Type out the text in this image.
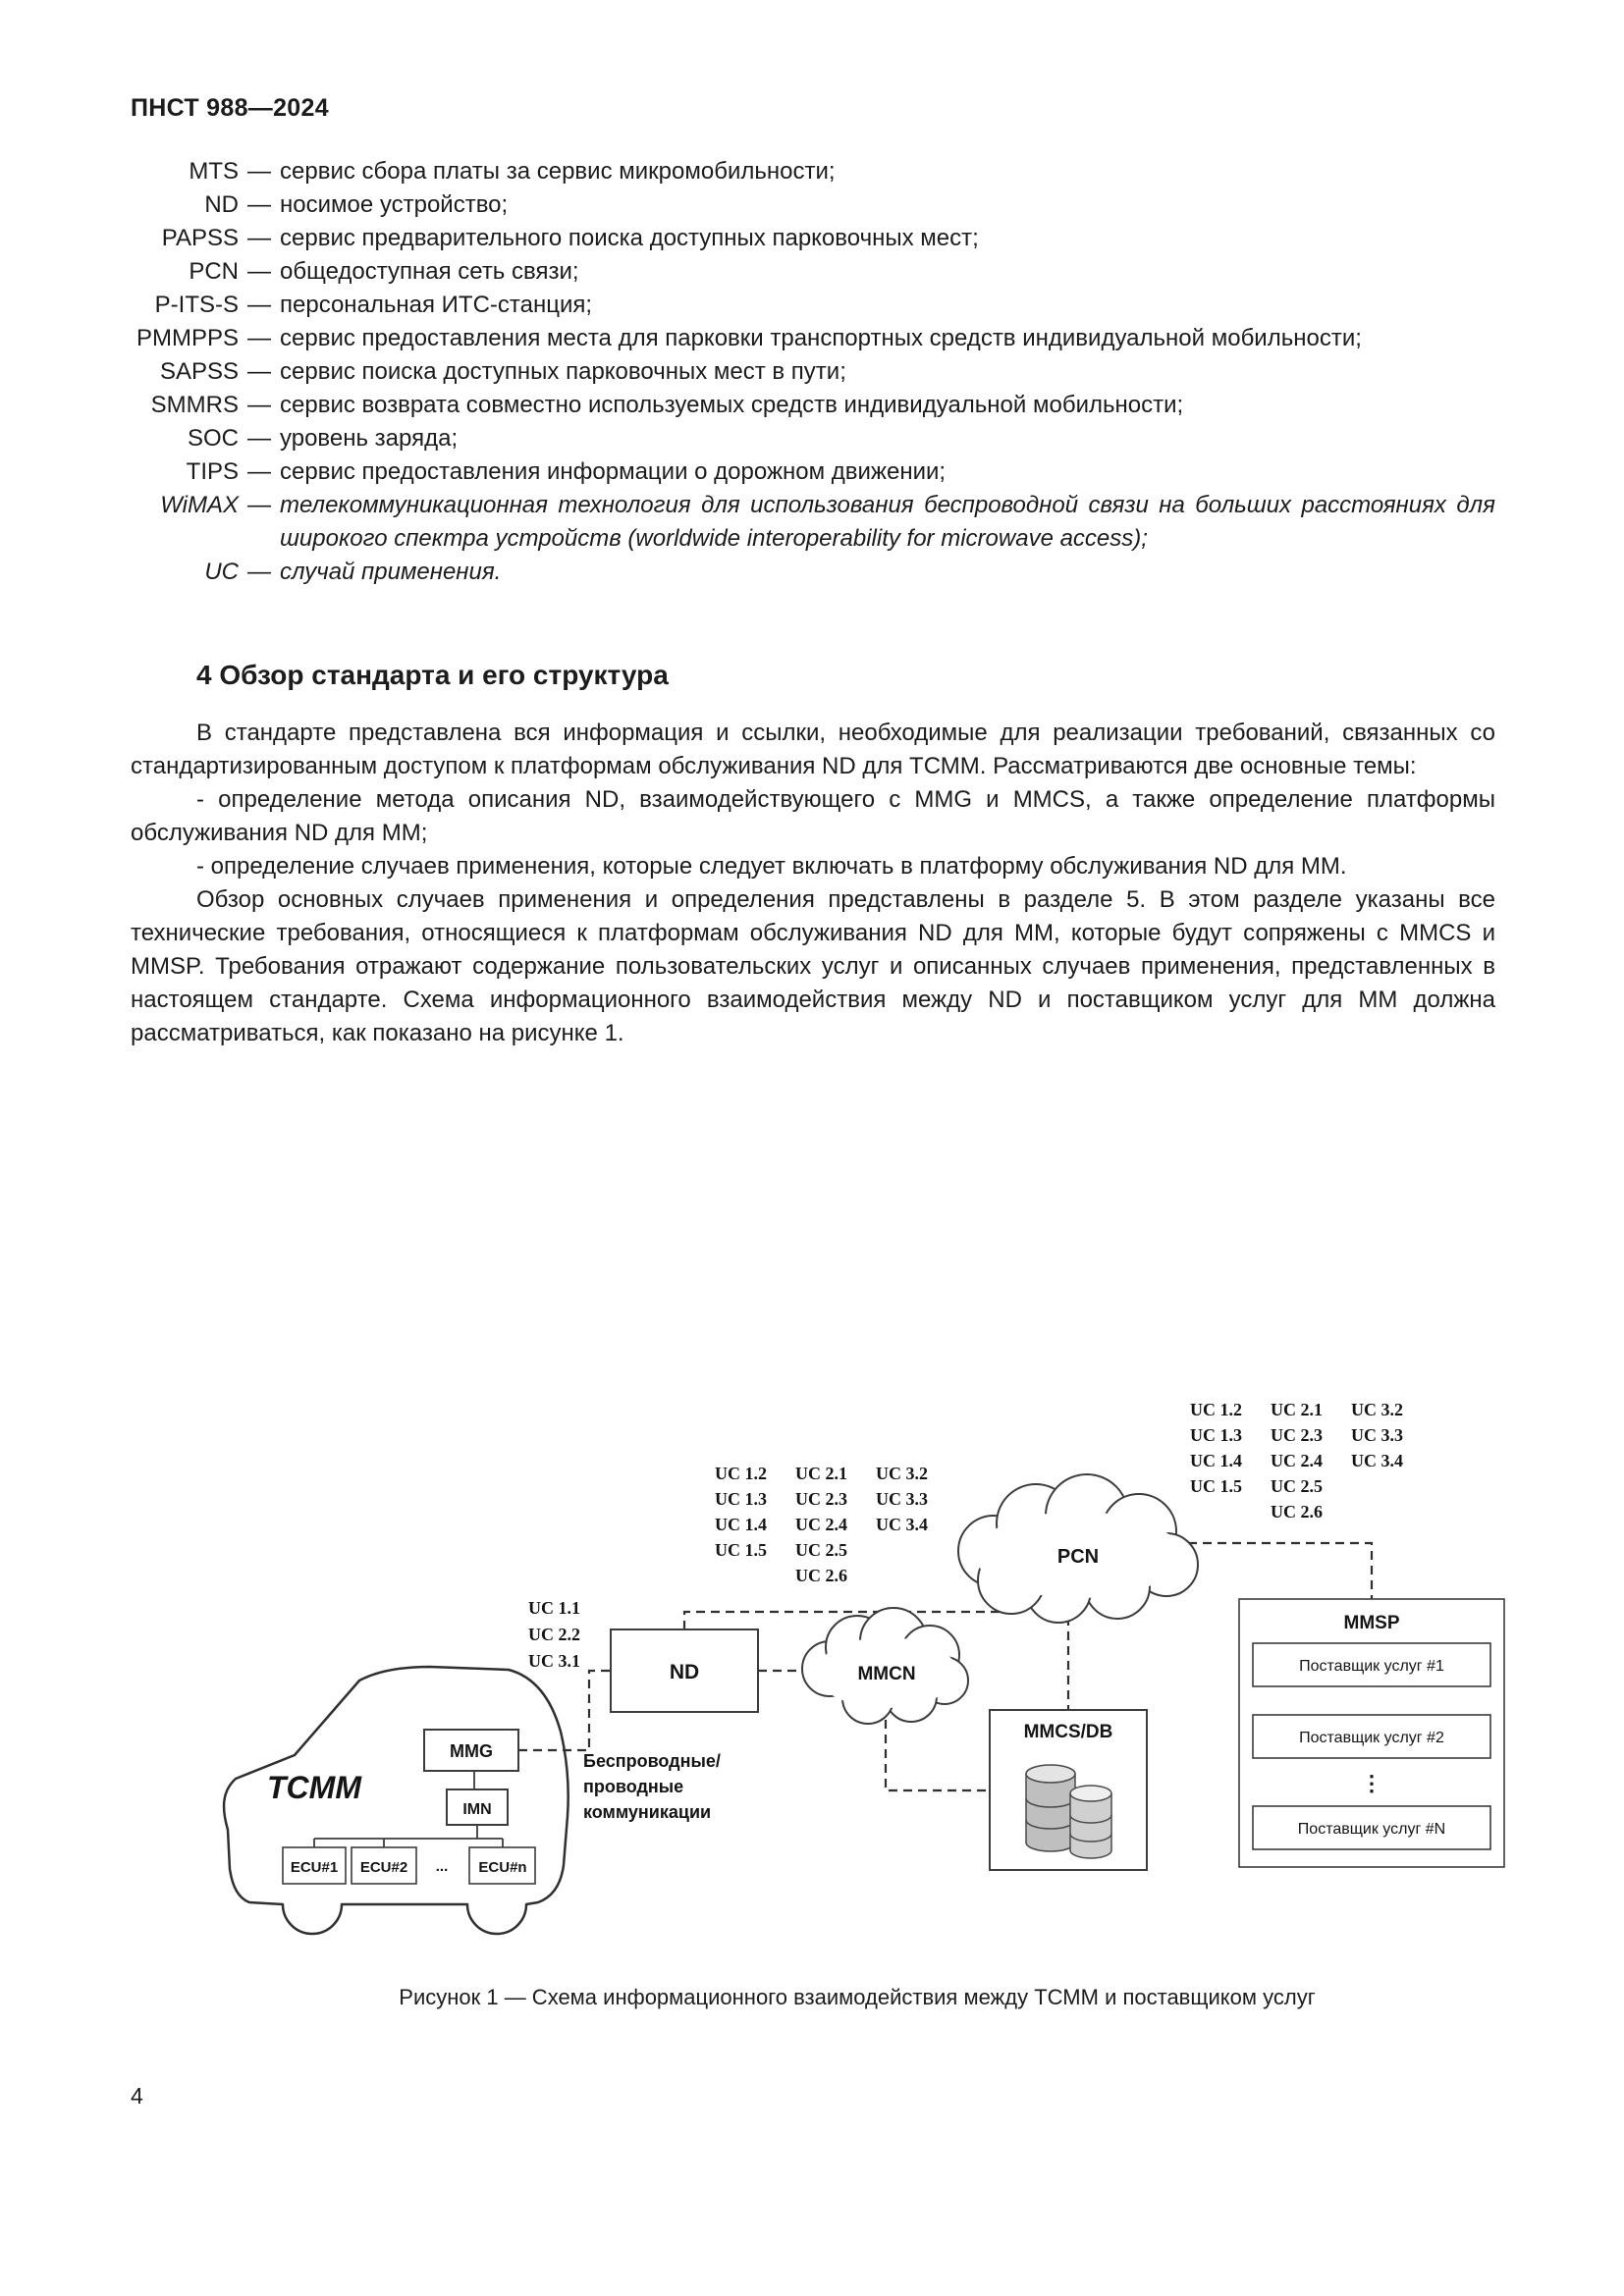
ПНСТ 988—2024
MTS — сервис сбора платы за сервис микромобильности;
ND — носимое устройство;
PAPSS — сервис предварительного поиска доступных парковочных мест;
PCN — общедоступная сеть связи;
P-ITS-S — персональная ИТС-станция;
PMMPPS — сервис предоставления места для парковки транспортных средств индивидуальной мобильности;
SAPSS — сервис поиска доступных парковочных мест в пути;
SMMRS — сервис возврата совместно используемых средств индивидуальной мобильности;
SOC — уровень заряда;
TIPS — сервис предоставления информации о дорожном движении;
WiMAX — телекоммуникационная технология для использования беспроводной связи на больших расстояниях для широкого спектра устройств (worldwide interoperability for microwave access);
UC — случай применения.
4 Обзор стандарта и его структура

В стандарте представлена вся информация и ссылки, необходимые для реализации требований, связанных со стандартизированным доступом к платформам обслуживания ND для ТСММ. Рассматриваются две основные темы:

- определение метода описания ND, взаимодействующего с MMG и MMCS, а также определение платформы обслуживания ND для ММ;

- определение случаев применения, которые следует включать в платформу обслуживания ND для ММ.

Обзор основных случаев применения и определения представлены в разделе 5. В этом разделе указаны все технические требования, относящиеся к платформам обслуживания ND для ММ, которые будут сопряжены с MMCS и MMSP. Требования отражают содержание пользовательских услуг и описанных случаев применения, представленных в настоящем стандарте. Схема информационного взаимодействия между ND и поставщиком услуг для ММ должна рассматриваться, как показано на рисунке 1.

ND
MMG
IMN
ECU#1 ECU#2 ... ECU#n
ТСММ
Беспроводные/
проводные
коммуникации
MMCS/DB
MMSP
Поставщик услуг #1
Поставщик услуг #2
⋮
Поставщик услуг #N
MMCN
PCN
UC 1.1
UC 2.2
UC 3.1
UC 1.2
UC 1.3
UC 1.4
UC 1.5
UC 2.1
UC 2.3
UC 2.4
UC 2.5
UC 2.6
UC 3.2
UC 3.3
UC 3.4
UC 1.2
UC 1.3
UC 1.4
UC 1.5
UC 2.1
UC 2.3
UC 2.4
UC 2.5
UC 2.6
UC 3.2
UC 3.3
UC 3.4
Рисунок 1 — Схема информационного взаимодействия между ТСММ и поставщиком услуг
4
